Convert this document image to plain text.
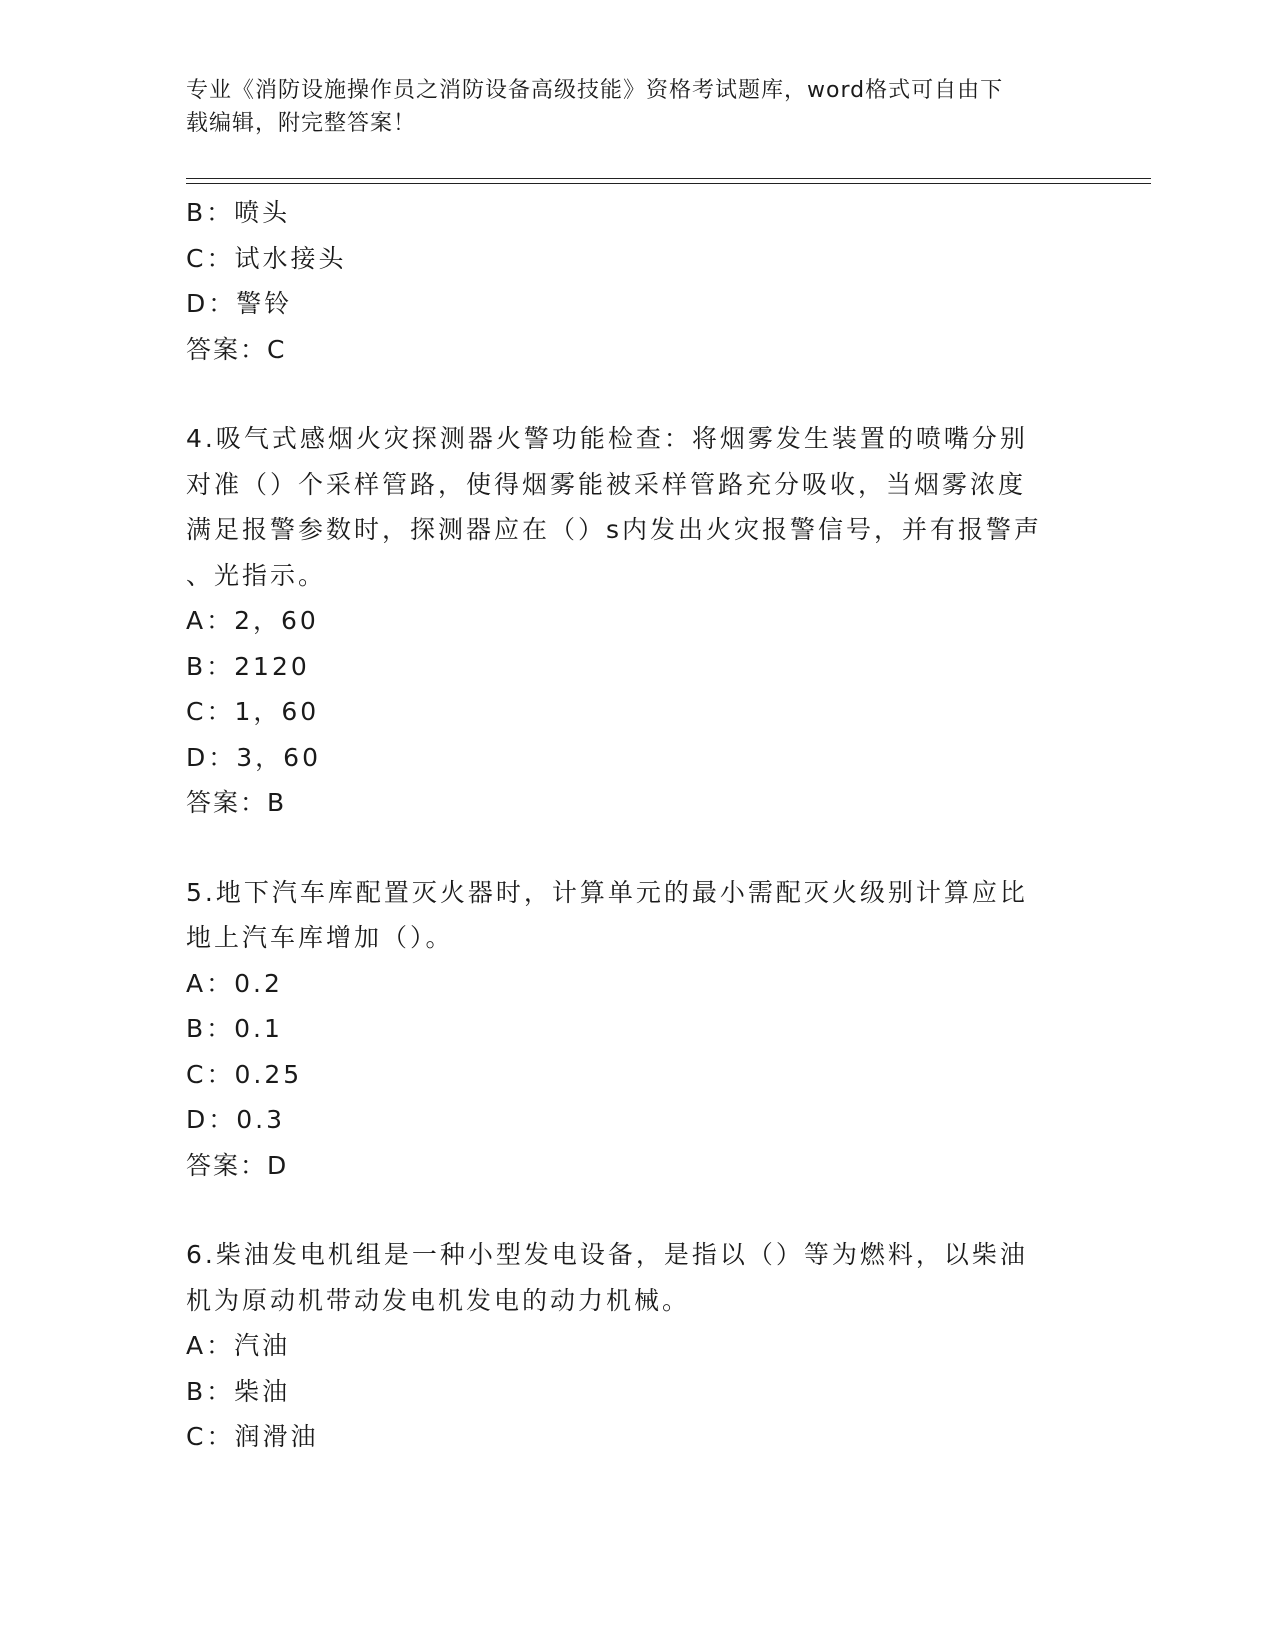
专业《消防设施操作员之消防设备高级技能》资格考试题库，word格式可自由下
载编辑，附完整答案！
B：喷头
C：试水接头
D：警铃
答案：C
4.吸气式感烟火灾探测器火警功能检查：将烟雾发生装置的喷嘴分别
对准（）个采样管路，使得烟雾能被采样管路充分吸收，当烟雾浓度
满足报警参数时，探测器应在（）s内发出火灾报警信号，并有报警声
、光指示。
A：2，60
B：2120
C：1，60
D：3，60
答案：B
5.地下汽车库配置灭火器时，计算单元的最小需配灭火级别计算应比
地上汽车库增加（）。
A：0.2
B：0.1
C：0.25
D：0.3
答案：D
6.柴油发电机组是一种小型发电设备，是指以（）等为燃料，以柴油
机为原动机带动发电机发电的动力机械。
A：汽油
B：柴油
C：润滑油
